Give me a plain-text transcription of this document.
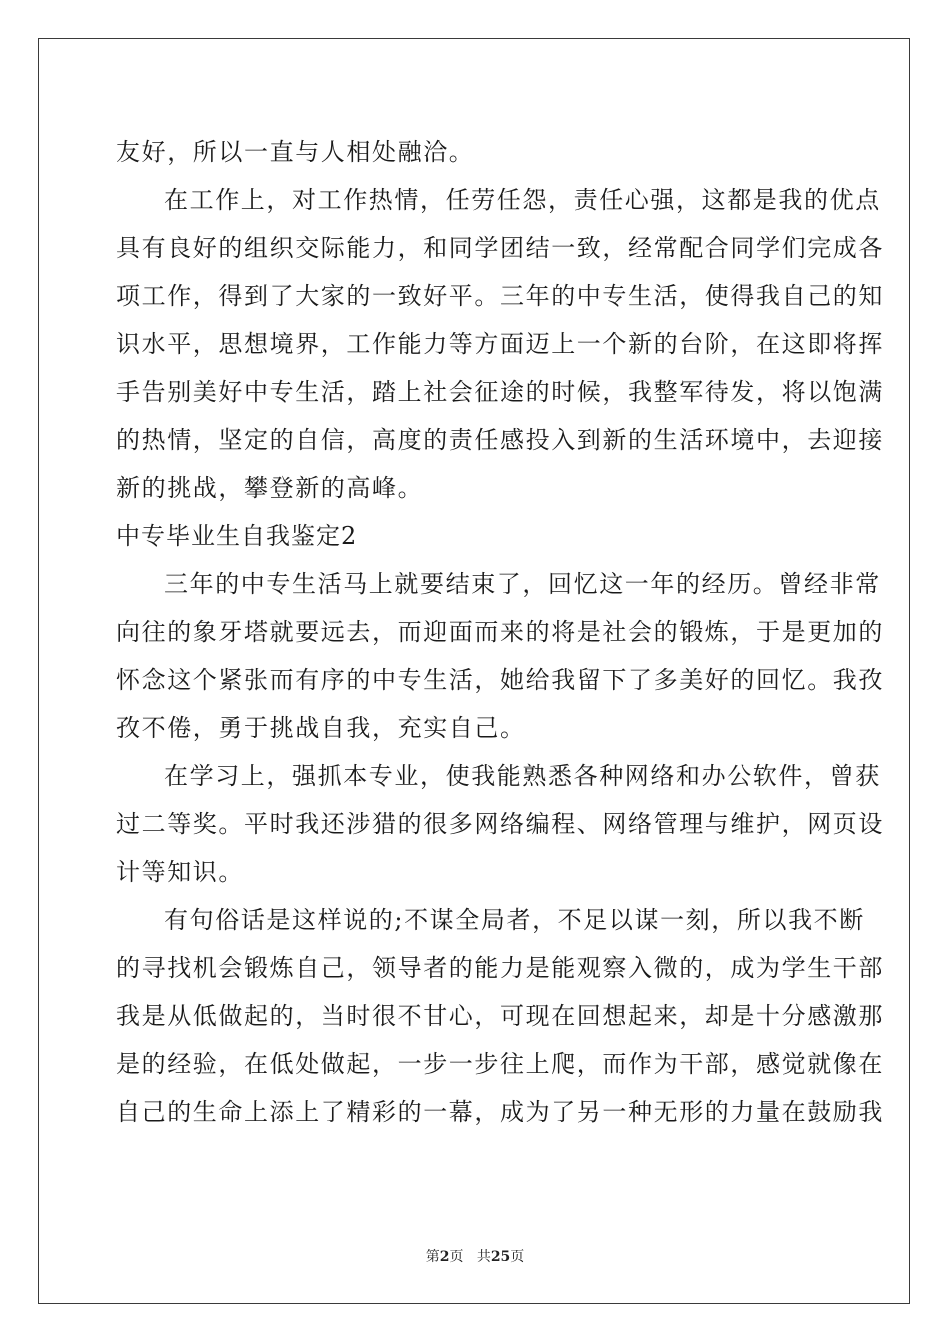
友好，所以一直与人相处融洽。
在工作上，对工作热情，任劳任怨，责任心强，这都是我的优点
具有良好的组织交际能力，和同学团结一致，经常配合同学们完成各
项工作，得到了大家的一致好平。三年的中专生活，使得我自己的知
识水平，思想境界，工作能力等方面迈上一个新的台阶，在这即将挥
手告别美好中专生活，踏上社会征途的时候，我整军待发，将以饱满
的热情，坚定的自信，高度的责任感投入到新的生活环境中，去迎接
新的挑战，攀登新的高峰。
中专毕业生自我鉴定2
三年的中专生活马上就要结束了，回忆这一年的经历。曾经非常
向往的象牙塔就要远去，而迎面而来的将是社会的锻炼，于是更加的
怀念这个紧张而有序的中专生活，她给我留下了多美好的回忆。我孜
孜不倦，勇于挑战自我，充实自己。
在学习上，强抓本专业，使我能熟悉各种网络和办公软件，曾获
过二等奖。平时我还涉猎的很多网络编程、网络管理与维护，网页设
计等知识。
有句俗话是这样说的;不谋全局者，不足以谋一刻，所以我不断
的寻找机会锻炼自己，领导者的能力是能观察入微的，成为学生干部
我是从低做起的，当时很不甘心，可现在回想起来，却是十分感激那
是的经验，在低处做起，一步一步往上爬，而作为干部，感觉就像在
自己的生命上添上了精彩的一幕，成为了另一种无形的力量在鼓励我
第2页 共25页
